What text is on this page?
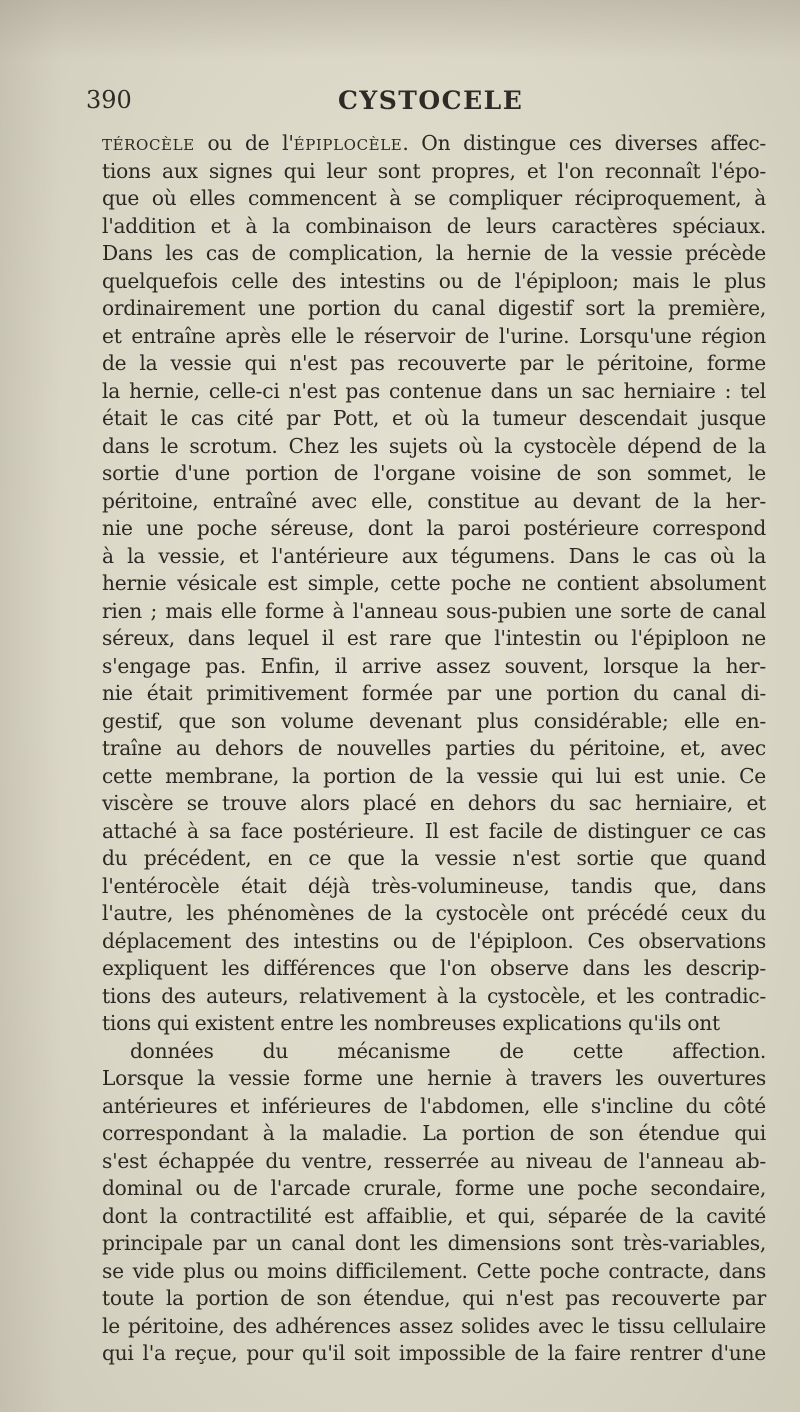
390	CYSTOCELE
TÉROCÈLE ou de l'ÉPIPLOCÈLE. On distingue ces diverses affec-
tions aux signes qui leur sont propres, et l'on reconnaît l'épo-
que où elles commencent à se compliquer réciproquement, à
l'addition et à la combinaison de leurs caractères spéciaux.
Dans les cas de complication, la hernie de la vessie précède
quelquefois celle des intestins ou de l'épiploon; mais le plus
ordinairement une portion du canal digestif sort la première,
et entraîne après elle le réservoir de l'urine. Lorsqu'une région
de la vessie qui n'est pas recouverte par le péritoine, forme
la hernie, celle-ci n'est pas contenue dans un sac herniaire : tel
était le cas cité par Pott, et où la tumeur descendait jusque
dans le scrotum. Chez les sujets où la cystocèle dépend de la
sortie d'une portion de l'organe voisine de son sommet, le
péritoine, entraîné avec elle, constitue au devant de la her-
nie une poche séreuse, dont la paroi postérieure correspond
à la vessie, et l'antérieure aux tégumens. Dans le cas où la
hernie vésicale est simple, cette poche ne contient absolument
rien ; mais elle forme à l'anneau sous-pubien une sorte de canal
séreux, dans lequel il est rare que l'intestin ou l'épiploon ne
s'engage pas. Enfin, il arrive assez souvent, lorsque la her-
nie était primitivement formée par une portion du canal di-
gestif, que son volume devenant plus considérable; elle en-
traîne au dehors de nouvelles parties du péritoine, et, avec
cette membrane, la portion de la vessie qui lui est unie. Ce
viscère se trouve alors placé en dehors du sac herniaire, et
attaché à sa face postérieure. Il est facile de distinguer ce cas
du précédent, en ce que la vessie n'est sortie que quand
l'entérocèle était déjà très-volumineuse, tandis que, dans
l'autre, les phénomènes de la cystocèle ont précédé ceux du
déplacement des intestins ou de l'épiploon. Ces observations
expliquent les différences que l'on observe dans les descrip-
tions des auteurs, relativement à la cystocèle, et les contradic-
tions qui existent entre les nombreuses explications qu'ils ont
données du mécanisme de cette affection.
Lorsque la vessie forme une hernie à travers les ouvertures
antérieures et inférieures de l'abdomen, elle s'incline du côté
correspondant à la maladie. La portion de son étendue qui
s'est échappée du ventre, resserrée au niveau de l'anneau ab-
dominal ou de l'arcade crurale, forme une poche secondaire,
dont la contractilité est affaiblie, et qui, séparée de la cavité
principale par un canal dont les dimensions sont très-variables,
se vide plus ou moins difficilement. Cette poche contracte, dans
toute la portion de son étendue, qui n'est pas recouverte par
le péritoine, des adhérences assez solides avec le tissu cellulaire
qui l'a reçue, pour qu'il soit impossible de la faire rentrer d'une
